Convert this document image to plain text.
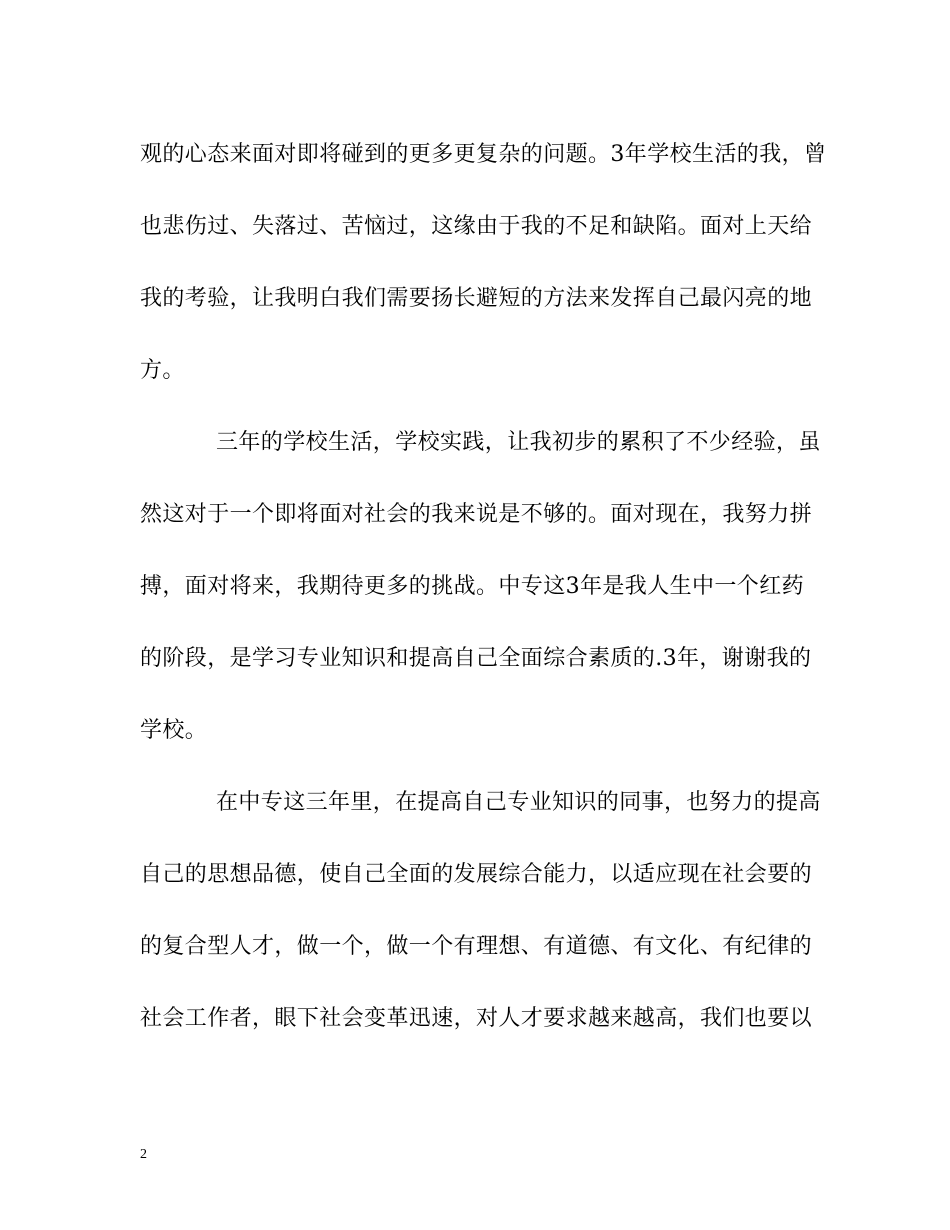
观的心态来面对即将碰到的更多更复杂的问题。3年学校生活的我，曾
也悲伤过、失落过、苦恼过，这缘由于我的不足和缺陷。面对上天给
我的考验，让我明白我们需要扬长避短的方法来发挥自己最闪亮的地
方。
三年的学校生活，学校实践，让我初步的累积了不少经验，虽
然这对于一个即将面对社会的我来说是不够的。面对现在，我努力拼
搏，面对将来，我期待更多的挑战。中专这3年是我人生中一个红药
的阶段，是学习专业知识和提高自己全面综合素质的.3年，谢谢我的
学校。
在中专这三年里，在提高自己专业知识的同事，也努力的提高
自己的思想品德，使自己全面的发展综合能力，以适应现在社会要的
的复合型人才，做一个，做一个有理想、有道德、有文化、有纪律的
社会工作者，眼下社会变革迅速，对人才要求越来越高，我们也要以
2
